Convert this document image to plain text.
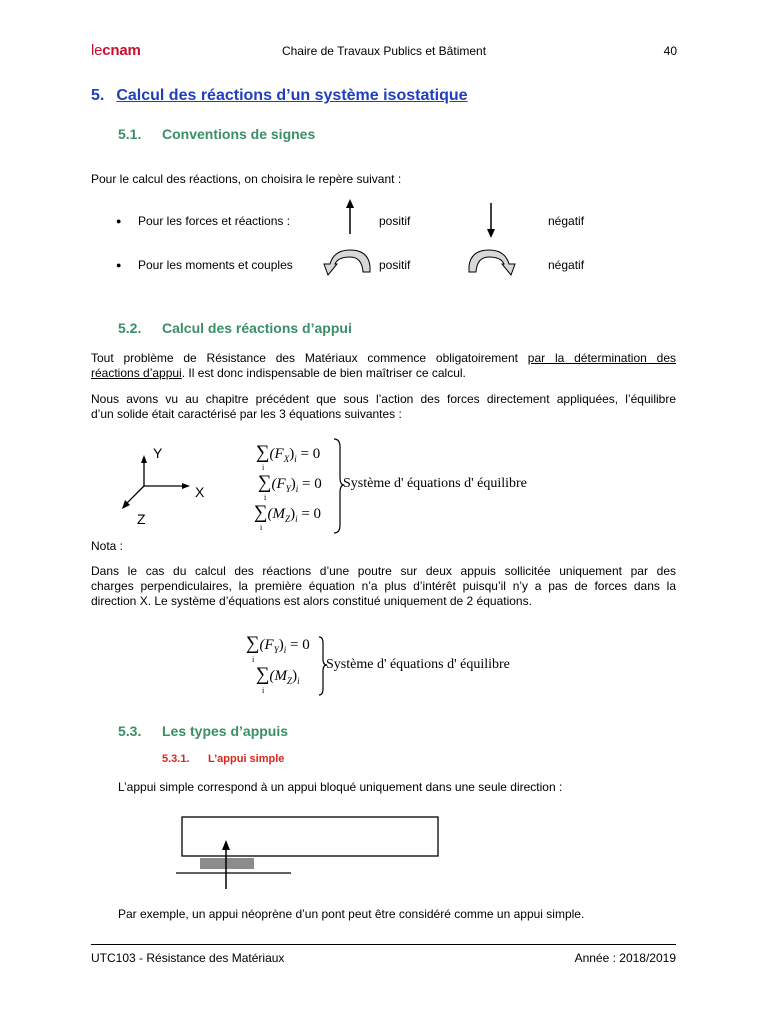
lecnam	Chaire de Travaux Publics et Bâtiment	40
5. Calcul des réactions d’un système isostatique
5.1. Conventions de signes
Pour le calcul des réactions, on choisira le repère suivant :
● Pour les forces et réactions :	positif	négatif
● Pour les moments et couples	positif	négatif
5.2. Calcul des réactions d’appui
Tout problème de Résistance des Matériaux commence obligatoirement par la détermination des
réactions d’appui. Il est donc indispensable de bien maîtriser ce calcul.
Nous avons vu au chapitre précédent que sous l’action des forces directement appliquées, l’équilibre
d’un solide était caractérisé par les 3 équations suivantes :
Y
X
Z
$\sum(F_X)_i = 0$
i
$\sum(F_Y)_i = 0$
i
$\sum(M_Z)_i = 0$
i
Système d' équations d' équilibre
Nota :
Dans le cas du calcul des réactions d’une poutre sur deux appuis sollicitée uniquement par des
charges perpendiculaires, la première équation n’a plus d’intérêt puisqu’il n’y a pas de forces dans la
direction X. Le système d’équations est alors constitué uniquement de 2 équations.
$\sum(F_Y)_i = 0$
i
$\sum(M_Z)_i$
i
Système d' équations d' équilibre
5.3. Les types d’appuis
5.3.1. L’appui simple
L’appui simple correspond à un appui bloqué uniquement dans une seule direction :
Par exemple, un appui néoprène d’un pont peut être considéré comme un appui simple.
UTC103 - Résistance des Matériaux	Année : 2018/2019
